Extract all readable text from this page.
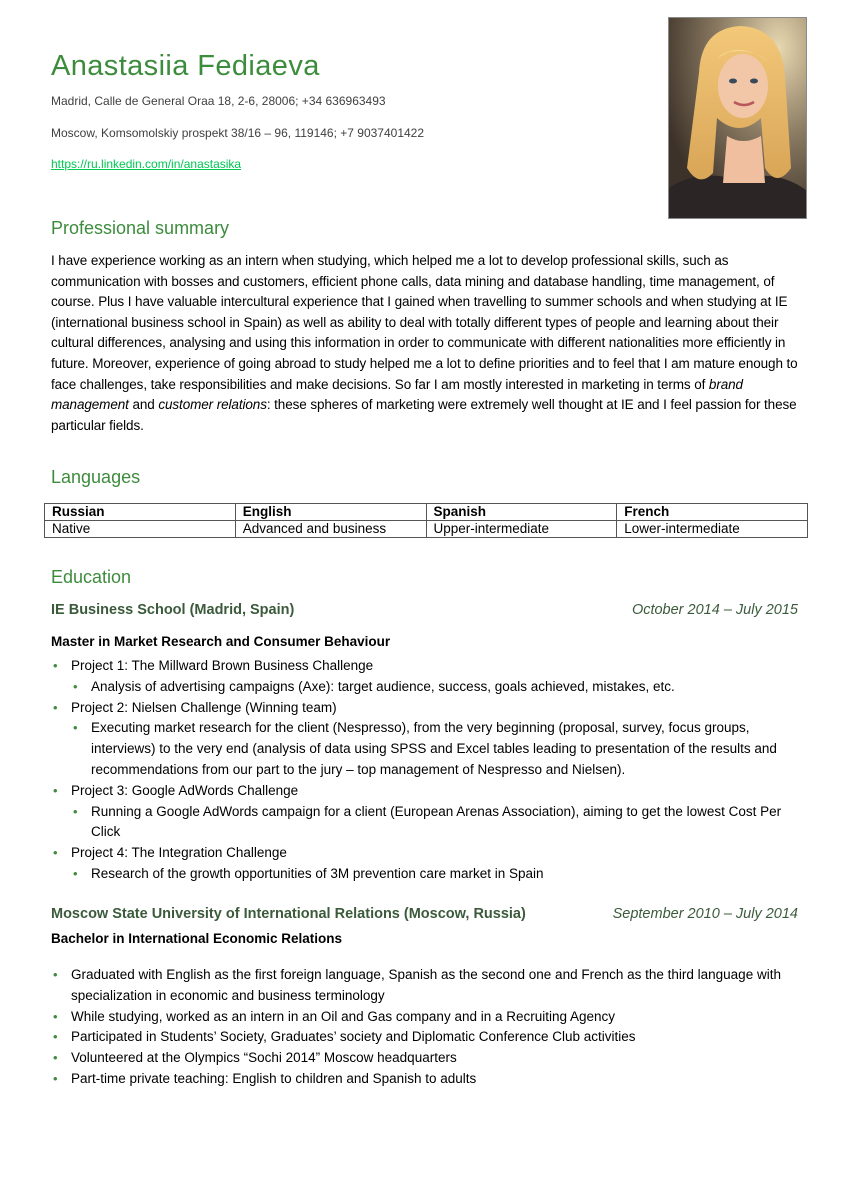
Anastasiia Fediaeva
Madrid, Calle de General Oraa 18, 2-6, 28006; +34 636963493
Moscow, Komsomolskiy prospekt 38/16 – 96, 119146; +7 9037401422
https://ru.linkedin.com/in/anastasika
Professional summary

I have experience working as an intern when studying, which helped me a lot to develop professional skills, such as communication with bosses and customers, efficient phone calls, data mining and database handling, time management, of course. Plus I have valuable intercultural experience that I gained when travelling to summer schools and when studying at IE (international business school in Spain) as well as ability to deal with totally different types of people and learning about their cultural differences, analysing and using this information in order to communicate with different nationalities more efficiently in future. Moreover, experience of going abroad to study helped me a lot to define priorities and to feel that I am mature enough to face challenges, take responsibilities and make decisions. So far I am mostly interested in marketing in terms of brand management and customer relations: these spheres of marketing were extremely well thought at IE and I feel passion for these particular fields.

Languages
Russian	English	Spanish	French
Native	Advanced and business	Upper-intermediate	Lower-intermediate
Education
IE Business School (Madrid, Spain)	October 2014 – July 2015
Master in Market Research and Consumer Behaviour
• Project 1: The Millward Brown Business Challenge
• Analysis of advertising campaigns (Axe): target audience, success, goals achieved, mistakes, etc.
• Project 2: Nielsen Challenge (Winning team)
• Executing market research for the client (Nespresso), from the very beginning (proposal, survey, focus groups, interviews) to the very end (analysis of data using SPSS and Excel tables leading to presentation of the results and recommendations from our part to the jury – top management of Nespresso and Nielsen).
• Project 3: Google AdWords Challenge
• Running a Google AdWords campaign for a client (European Arenas Association), aiming to get the lowest Cost Per Click
• Project 4: The Integration Challenge
• Research of the growth opportunities of 3M prevention care market in Spain
Moscow State University of International Relations (Moscow, Russia)	September 2010 – July 2014
Bachelor in International Economic Relations
• Graduated with English as the first foreign language, Spanish as the second one and French as the third language with specialization in economic and business terminology
• While studying, worked as an intern in an Oil and Gas company and in a Recruiting Agency
• Participated in Students’ Society, Graduates’ society and Diplomatic Conference Club activities
• Volunteered at the Olympics “Sochi 2014” Moscow headquarters
• Part-time private teaching: English to children and Spanish to adults
